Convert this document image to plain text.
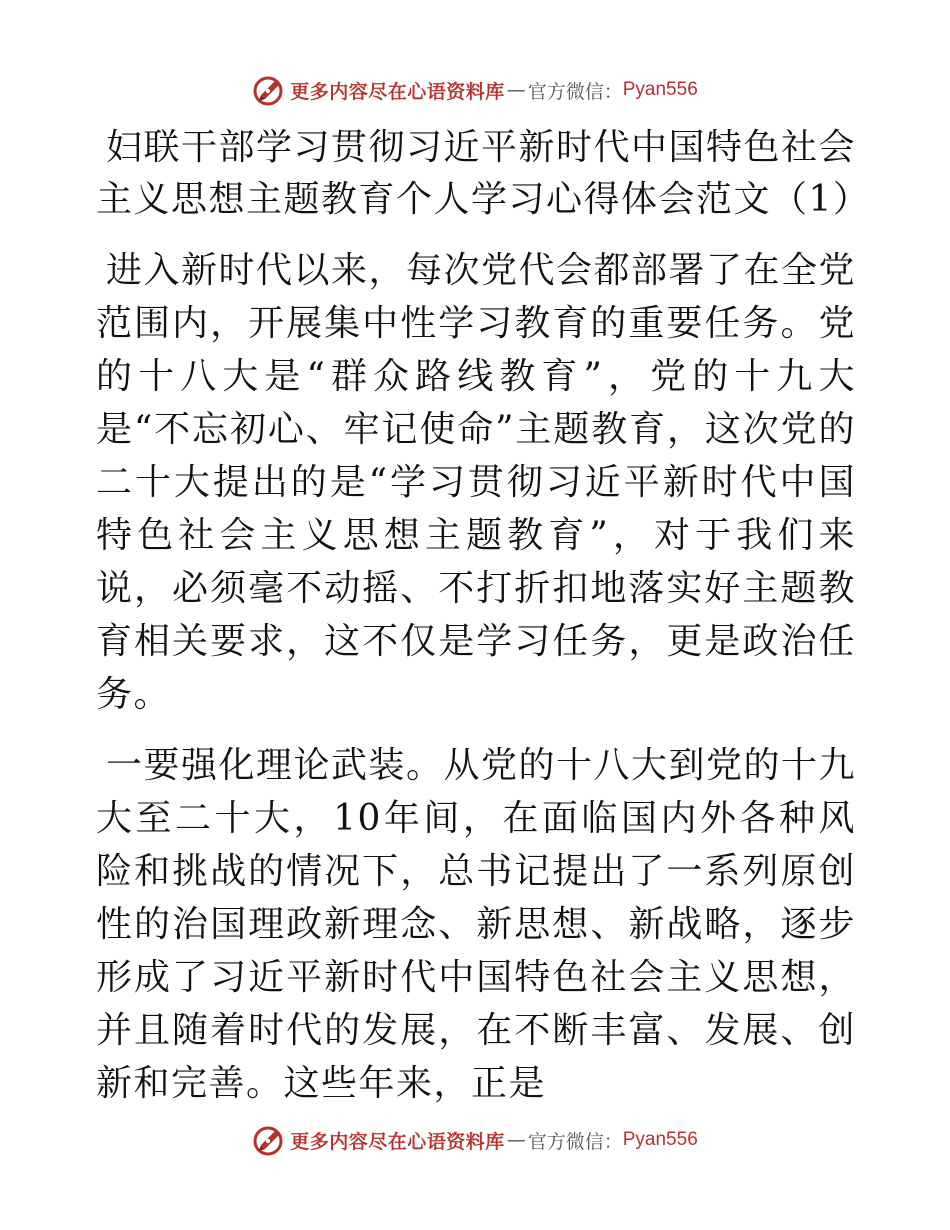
更多内容尽在心语资料库 — 官方微信： Pyan556
妇联干部学习贯彻习近平新时代中国特色社会主义思想主题教育个人学习心得体会范文（1）

进入新时代以来，每次党代会都部署了在全党范围内，开展集中性学习教育的重要任务。党的十八大是“群众路线教育”，党的十九大是“不忘初心、牢记使命”主题教育，这次党的二十大提出的是“学习贯彻习近平新时代中国特色社会主义思想主题教育”，对于我们来说，必须毫不动摇、不打折扣地落实好主题教育相关要求，这不仅是学习任务，更是政治任务。

一要强化理论武装。从党的十八大到党的十九大至二十大，10年间，在面临国内外各种风险和挑战的情况下，总书记提出了一系列原创性的治国理政新理念、新思想、新战略，逐步形成了习近平新时代中国特色社会主义思想，并且随着时代的发展，在不断丰富、发展、创新和完善。这些年来，正是

更多内容尽在心语资料库 — 官方微信： Pyan556
